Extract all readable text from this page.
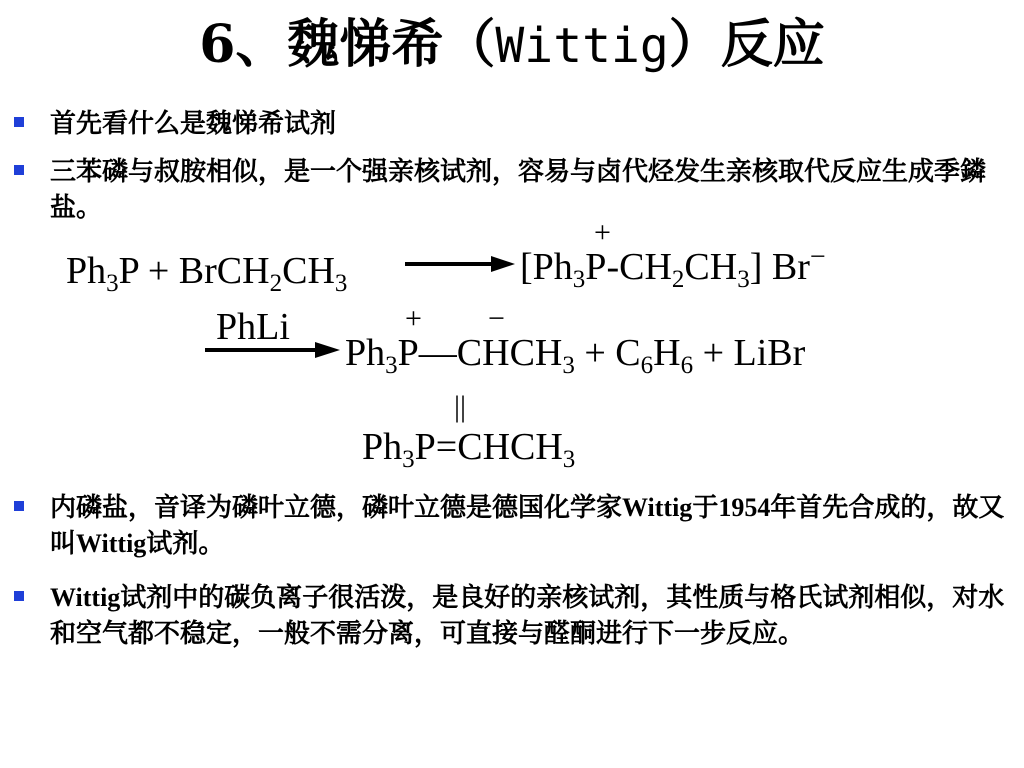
6、魏悌希（Wittig）反应
首先看什么是魏悌希试剂
三苯磷与叔胺相似，是一个强亲核试剂，容易与卤代烃发生亲核取代反应生成季鏻盐。
$Ph_3P$ + $BrCH_2CH_3$	$[Ph_3P-CH_2CH_3]$ Br−
+
PhLi
$Ph_3P—CHCH_3 + C_6H_6$ + LiBr
+ −
||
$Ph_3P=CHCH_3$
内磷盐，音译为磷叶立德，磷叶立德是德国化学家Wittig于1954年首先合成的，故又叫Wittig试剂。
Wittig试剂中的碳负离子很活泼，是良好的亲核试剂，其性质与格氏试剂相似，对水和空气都不稳定，一般不需分离，可直接与醛酮进行下一步反应。
